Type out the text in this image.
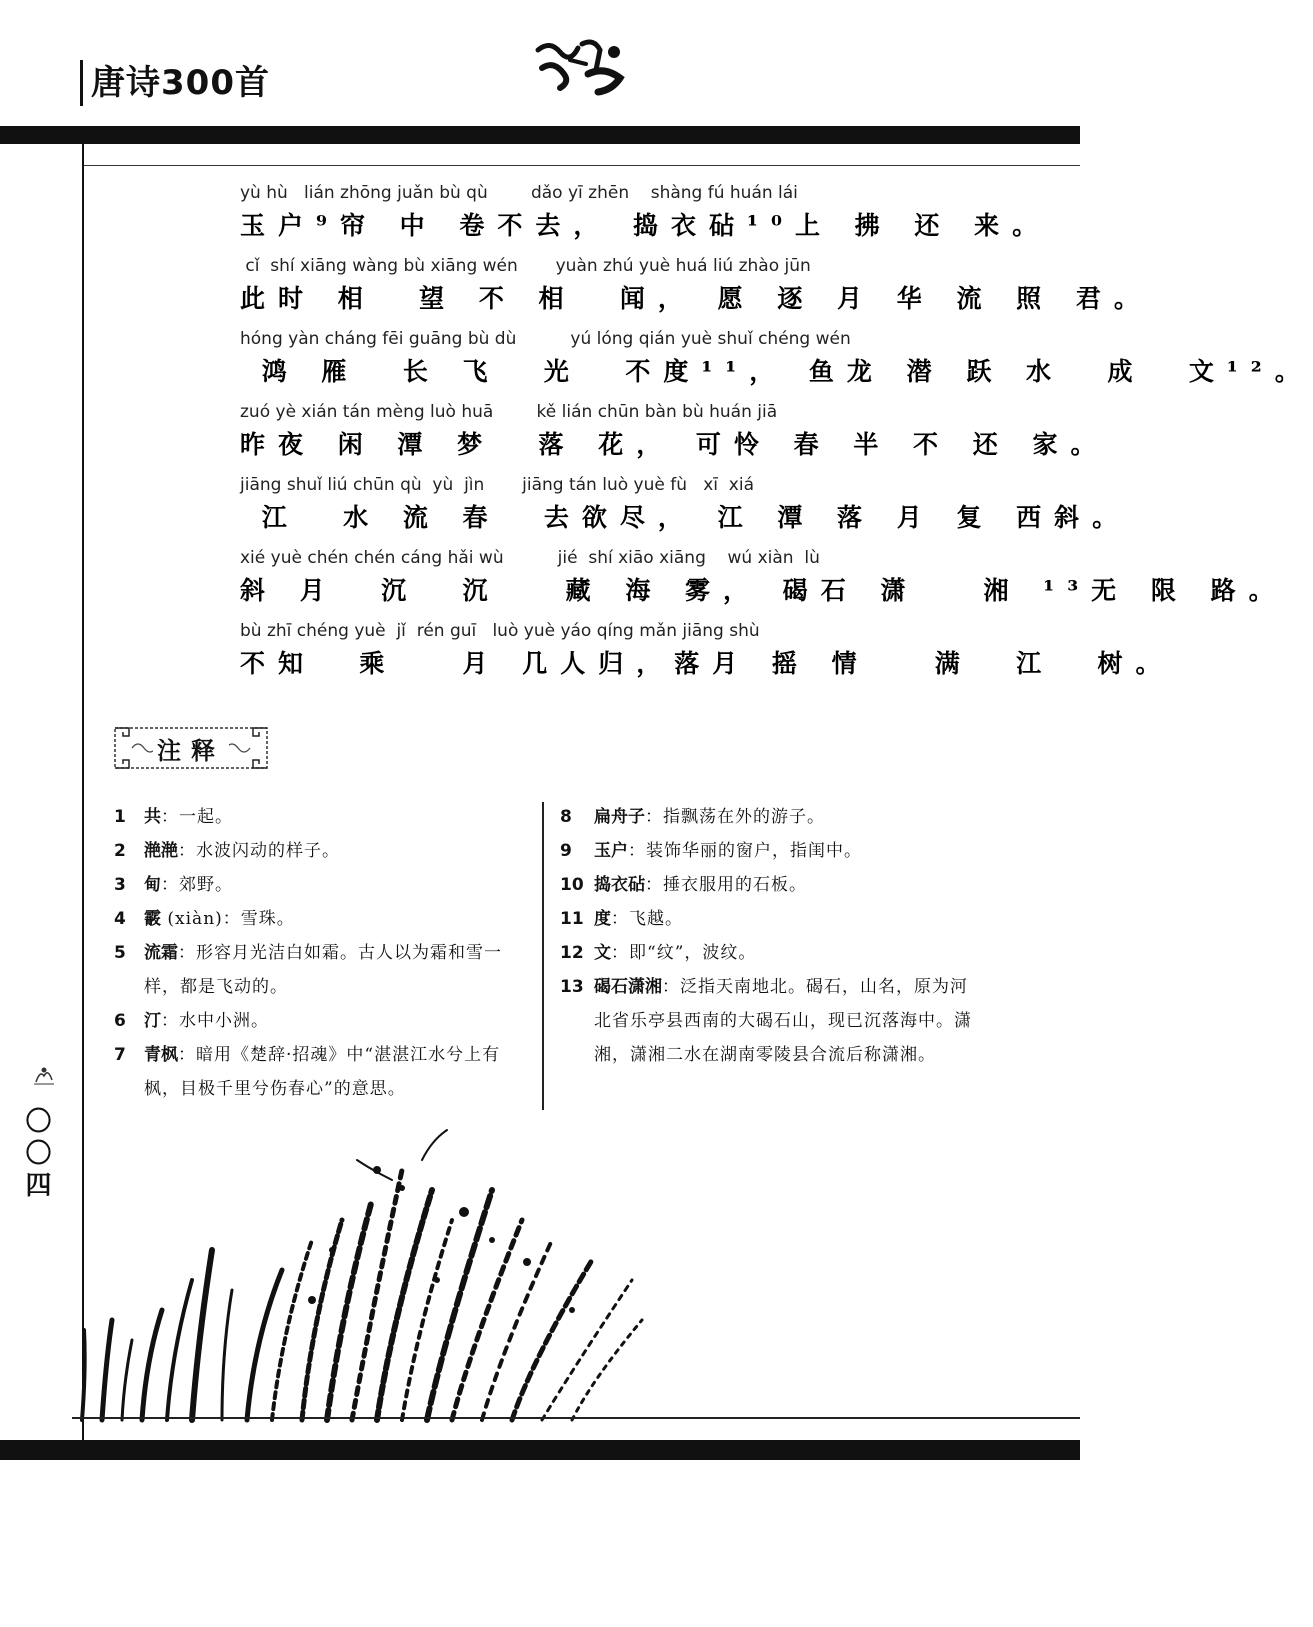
唐诗300首
yù hù   lián zhōng juǎn bù qù        dǎo yī zhēn    shàng fú huán lái
玉户⁹帘 中 卷不去， 捣衣砧¹⁰上 拂 还 来。
cǐ  shí xiāng wàng bù xiāng wén       yuàn zhú yuè huá liú zhào jūn
此时 相  望 不 相  闻， 愿 逐 月 华 流 照 君。
hóng yàn cháng fēi guāng bù dù          yú lóng qián yuè shuǐ chéng wén
鸿 雁  长 飞  光  不度¹¹， 鱼龙 潜 跃 水  成  文¹²。
zuó yè xián tán mèng luò huā        kě lián chūn bàn bù huán jiā
昨夜 闲 潭 梦  落 花， 可怜 春 半 不 还 家。
jiāng shuǐ liú chūn qù  yù  jìn       jiāng tán luò yuè fù   xī  xiá
江  水 流 春  去欲尽， 江 潭 落 月 复 西斜。
xié yuè chén chén cáng hǎi wù          jié  shí xiāo xiāng    wú xiàn  lù
斜 月  沉  沉   藏 海 雾， 碣石 潇   湘 ¹³无 限 路。
bù zhī chéng yuè  jǐ  rén guī   luò yuè yáo qíng mǎn jiāng shù
不知  乘   月 几人归，落月 摇 情   满  江  树。
注释
1 共：一起。
2 滟滟：水波闪动的样子。
3 甸：郊野。
4 霰 (xiàn)：雪珠。
5 流霜：形容月光洁白如霜。古人以为霜和雪一样，都是飞动的。
6 汀：水中小洲。
7 青枫：暗用《楚辞·招魂》中“湛湛江水兮上有枫，目极千里兮伤春心”的意思。
8 扁舟子：指飘荡在外的游子。
9 玉户：装饰华丽的窗户，指闺中。
10 捣衣砧：捶衣服用的石板。
11 度：飞越。
12 文：即“纹”，波纹。
13 碣石潇湘：泛指天南地北。碣石，山名，原为河北省乐亭县西南的大碣石山，现已沉落海中。潇湘，潇湘二水在湖南零陵县合流后称潇湘。
〇〇四
